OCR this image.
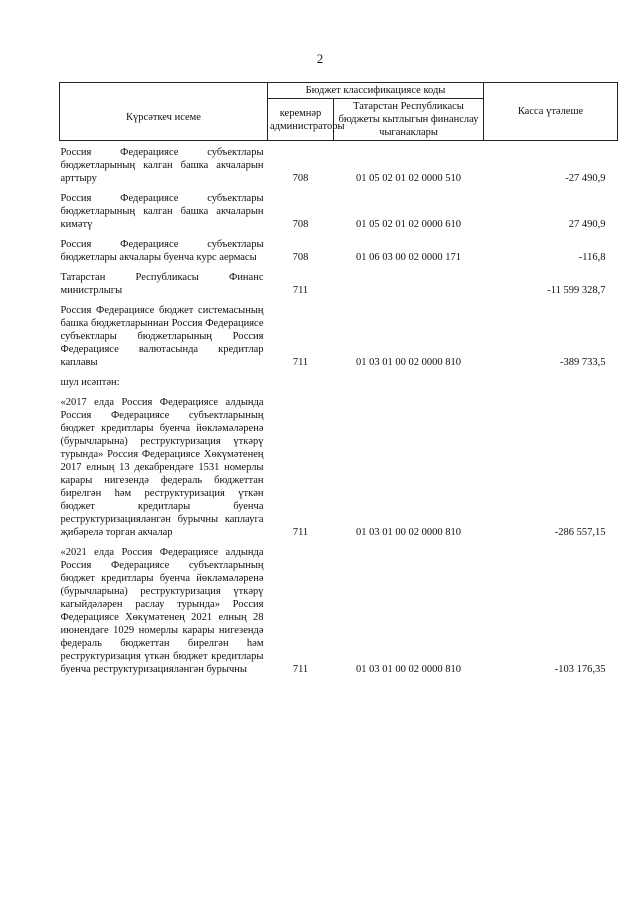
2
Күрсәткеч исеме	Бюджет классификациясе коды		Касса үтәлеше
	керемнәр администраторы	Татарстан Республикасы бюджеты кытлыгын финанслау чыганаклары	
Россия Федерациясе субъектлары бюджетларының калган башка акчаларын арттыру	708	01 05 02 01 02 0000 510	-27 490,9
Россия Федерациясе субъектлары бюджетларының калган башка акчаларын кимәтү	708	01 05 02 01 02 0000 610	27 490,9
Россия Федерациясе субъектлары бюджетлары акчалары буенча курс аермасы	708	01 06 03 00 02 0000 171	-116,8
Татарстан Республикасы Финанс министрлыгы	711		-11 599 328,7
Россия Федерациясе бюджет системасының башка бюджетларыннан Россия Федерациясе субъектлары бюджетларының Россия Федерациясе валютасында кредитлар каплавы	711	01 03 01 00 02 0000 810	-389 733,5
шул исәптән:			
«2017 елда Россия Федерациясе алдында Россия Федерациясе субъектларының бюджет кредитлары буенча йөкләмәләренә (бурычларына) реструктуризация үткәрү турында» Россия Федерациясе Хөкүмәтенең 2017 елның 13 декабрендәге 1531 номерлы карары нигезендә федераль бюджеттан бирелгән һәм реструктуризация үткән бюджет кредитлары буенча реструктуризацияләнгән бурычны каплауга җибәрелә торган акчалар	711	01 03 01 00 02 0000 810	-286 557,15
«2021 елда Россия Федерациясе алдында Россия Федерациясе субъектларының бюджет кредитлары буенча йөкләмәләренә (бурычларына) реструктуризация үткәрү кагыйдәләрен раслау турында» Россия Федерациясе Хөкүмәтенең 2021 елның 28 июнендәге 1029 номерлы карары нигезендә федераль бюджеттан бирелгән һәм реструктуризация үткән бюджет кредитлары буенча реструктуризацияләнгән бурычны	711	01 03 01 00 02 0000 810	-103 176,35
